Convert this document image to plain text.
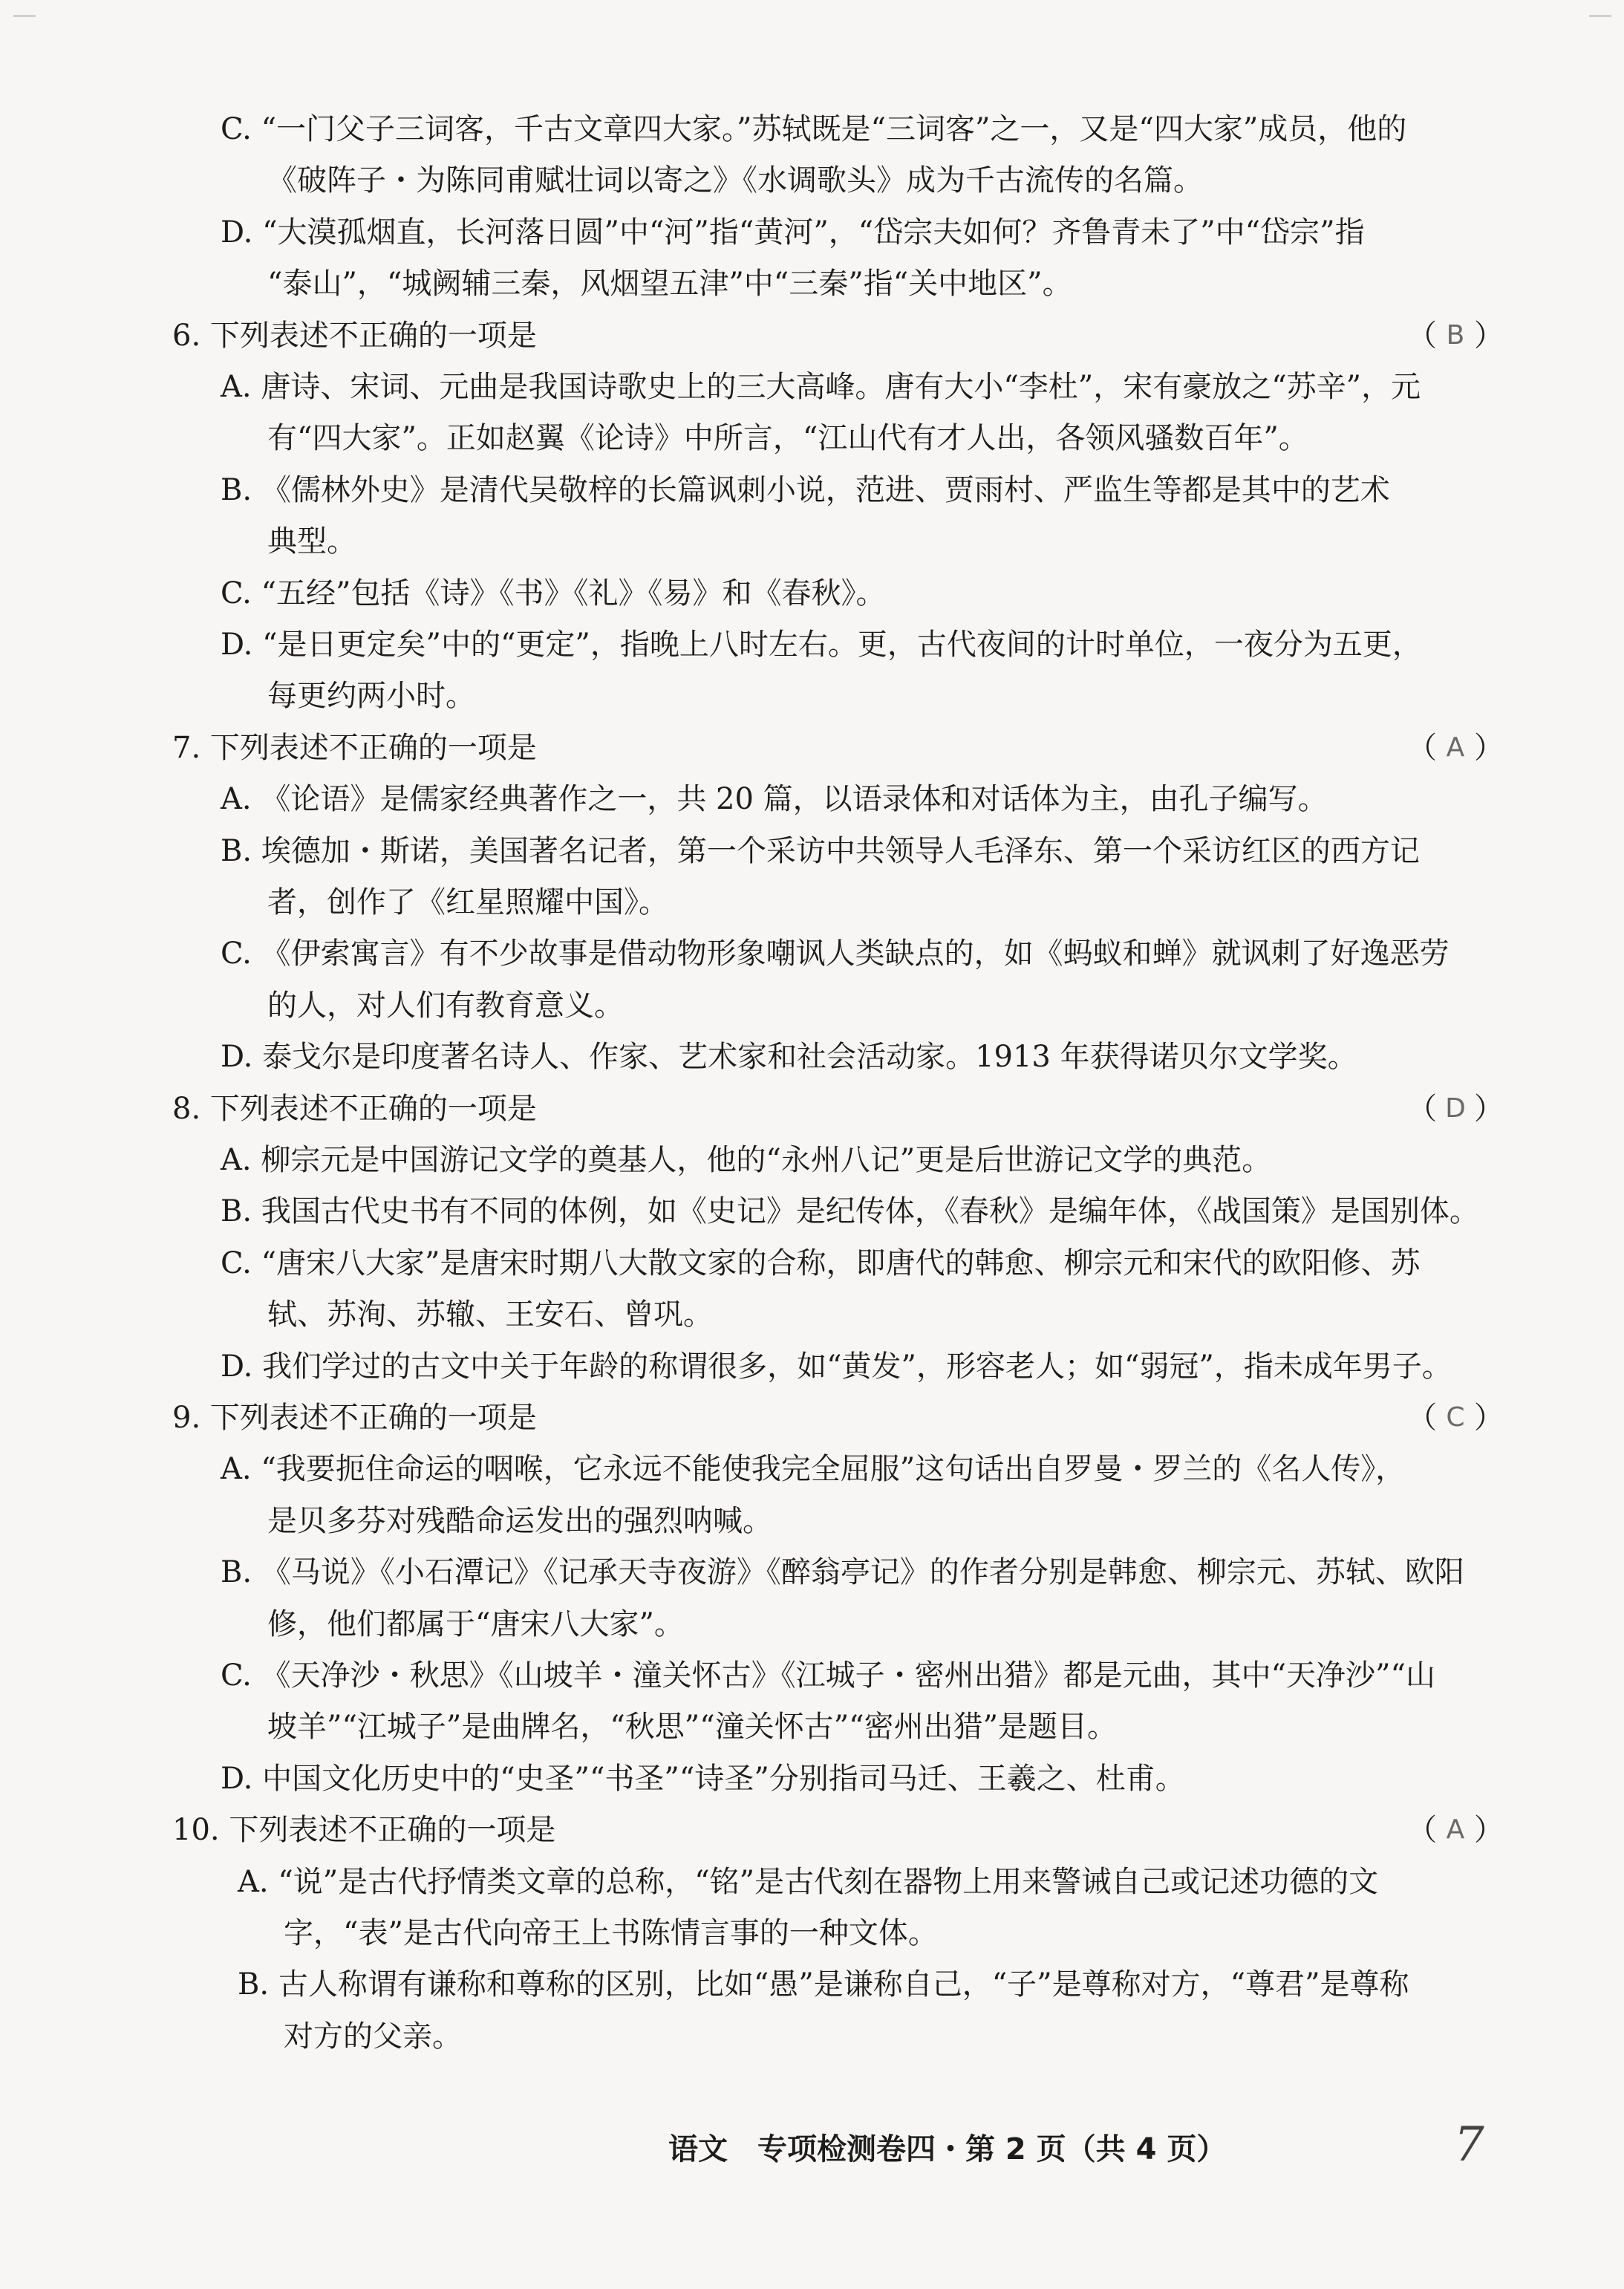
C. “一门父子三词客，千古文章四大家。”苏轼既是“三词客”之一，又是“四大家”成员，他的
《破阵子・为陈同甫赋壮词以寄之》《水调歌头》成为千古流传的名篇。
D. “大漠孤烟直，长河落日圆”中“河”指“黄河”，“岱宗夫如何？齐鲁青未了”中“岱宗”指
“泰山”，“城阙辅三秦，风烟望五津”中“三秦”指“关中地区”。
6. 下列表述不正确的一项是	（ B ）
A. 唐诗、宋词、元曲是我国诗歌史上的三大高峰。唐有大小“李杜”，宋有豪放之“苏辛”，元
有“四大家”。正如赵翼《论诗》中所言，“江山代有才人出，各领风骚数百年”。
B. 《儒林外史》是清代吴敬梓的长篇讽刺小说，范进、贾雨村、严监生等都是其中的艺术
典型。
C. “五经”包括《诗》《书》《礼》《易》和《春秋》。
D. “是日更定矣”中的“更定”，指晚上八时左右。更，古代夜间的计时单位，一夜分为五更，
每更约两小时。
7. 下列表述不正确的一项是	（ A ）
A. 《论语》是儒家经典著作之一，共 20 篇，以语录体和对话体为主，由孔子编写。
B. 埃德加・斯诺，美国著名记者，第一个采访中共领导人毛泽东、第一个采访红区的西方记
者，创作了《红星照耀中国》。
C. 《伊索寓言》有不少故事是借动物形象嘲讽人类缺点的，如《蚂蚁和蝉》就讽刺了好逸恶劳
的人，对人们有教育意义。
D. 泰戈尔是印度著名诗人、作家、艺术家和社会活动家。1913 年获得诺贝尔文学奖。
8. 下列表述不正确的一项是	（ D ）
A. 柳宗元是中国游记文学的奠基人，他的“永州八记”更是后世游记文学的典范。
B. 我国古代史书有不同的体例，如《史记》是纪传体，《春秋》是编年体，《战国策》是国别体。
C. “唐宋八大家”是唐宋时期八大散文家的合称，即唐代的韩愈、柳宗元和宋代的欧阳修、苏
轼、苏洵、苏辙、王安石、曾巩。
D. 我们学过的古文中关于年龄的称谓很多，如“黄发”，形容老人；如“弱冠”，指未成年男子。
9. 下列表述不正确的一项是	（ C ）
A. “我要扼住命运的咽喉，它永远不能使我完全屈服”这句话出自罗曼・罗兰的《名人传》，
是贝多芬对残酷命运发出的强烈呐喊。
B. 《马说》《小石潭记》《记承天寺夜游》《醉翁亭记》的作者分别是韩愈、柳宗元、苏轼、欧阳
修，他们都属于“唐宋八大家”。
C. 《天净沙・秋思》《山坡羊・潼关怀古》《江城子・密州出猎》都是元曲，其中“天净沙”“山
坡羊”“江城子”是曲牌名，“秋思”“潼关怀古”“密州出猎”是题目。
D. 中国文化历史中的“史圣”“书圣”“诗圣”分别指司马迁、王羲之、杜甫。
10. 下列表述不正确的一项是	（ A ）
A. “说”是古代抒情类文章的总称，“铭”是古代刻在器物上用来警诫自己或记述功德的文
字，“表”是古代向帝王上书陈情言事的一种文体。
B. 古人称谓有谦称和尊称的区别，比如“愚”是谦称自己，“子”是尊称对方，“尊君”是尊称
对方的父亲。
语文　专项检测卷四・第 2 页（共 4 页）	7
